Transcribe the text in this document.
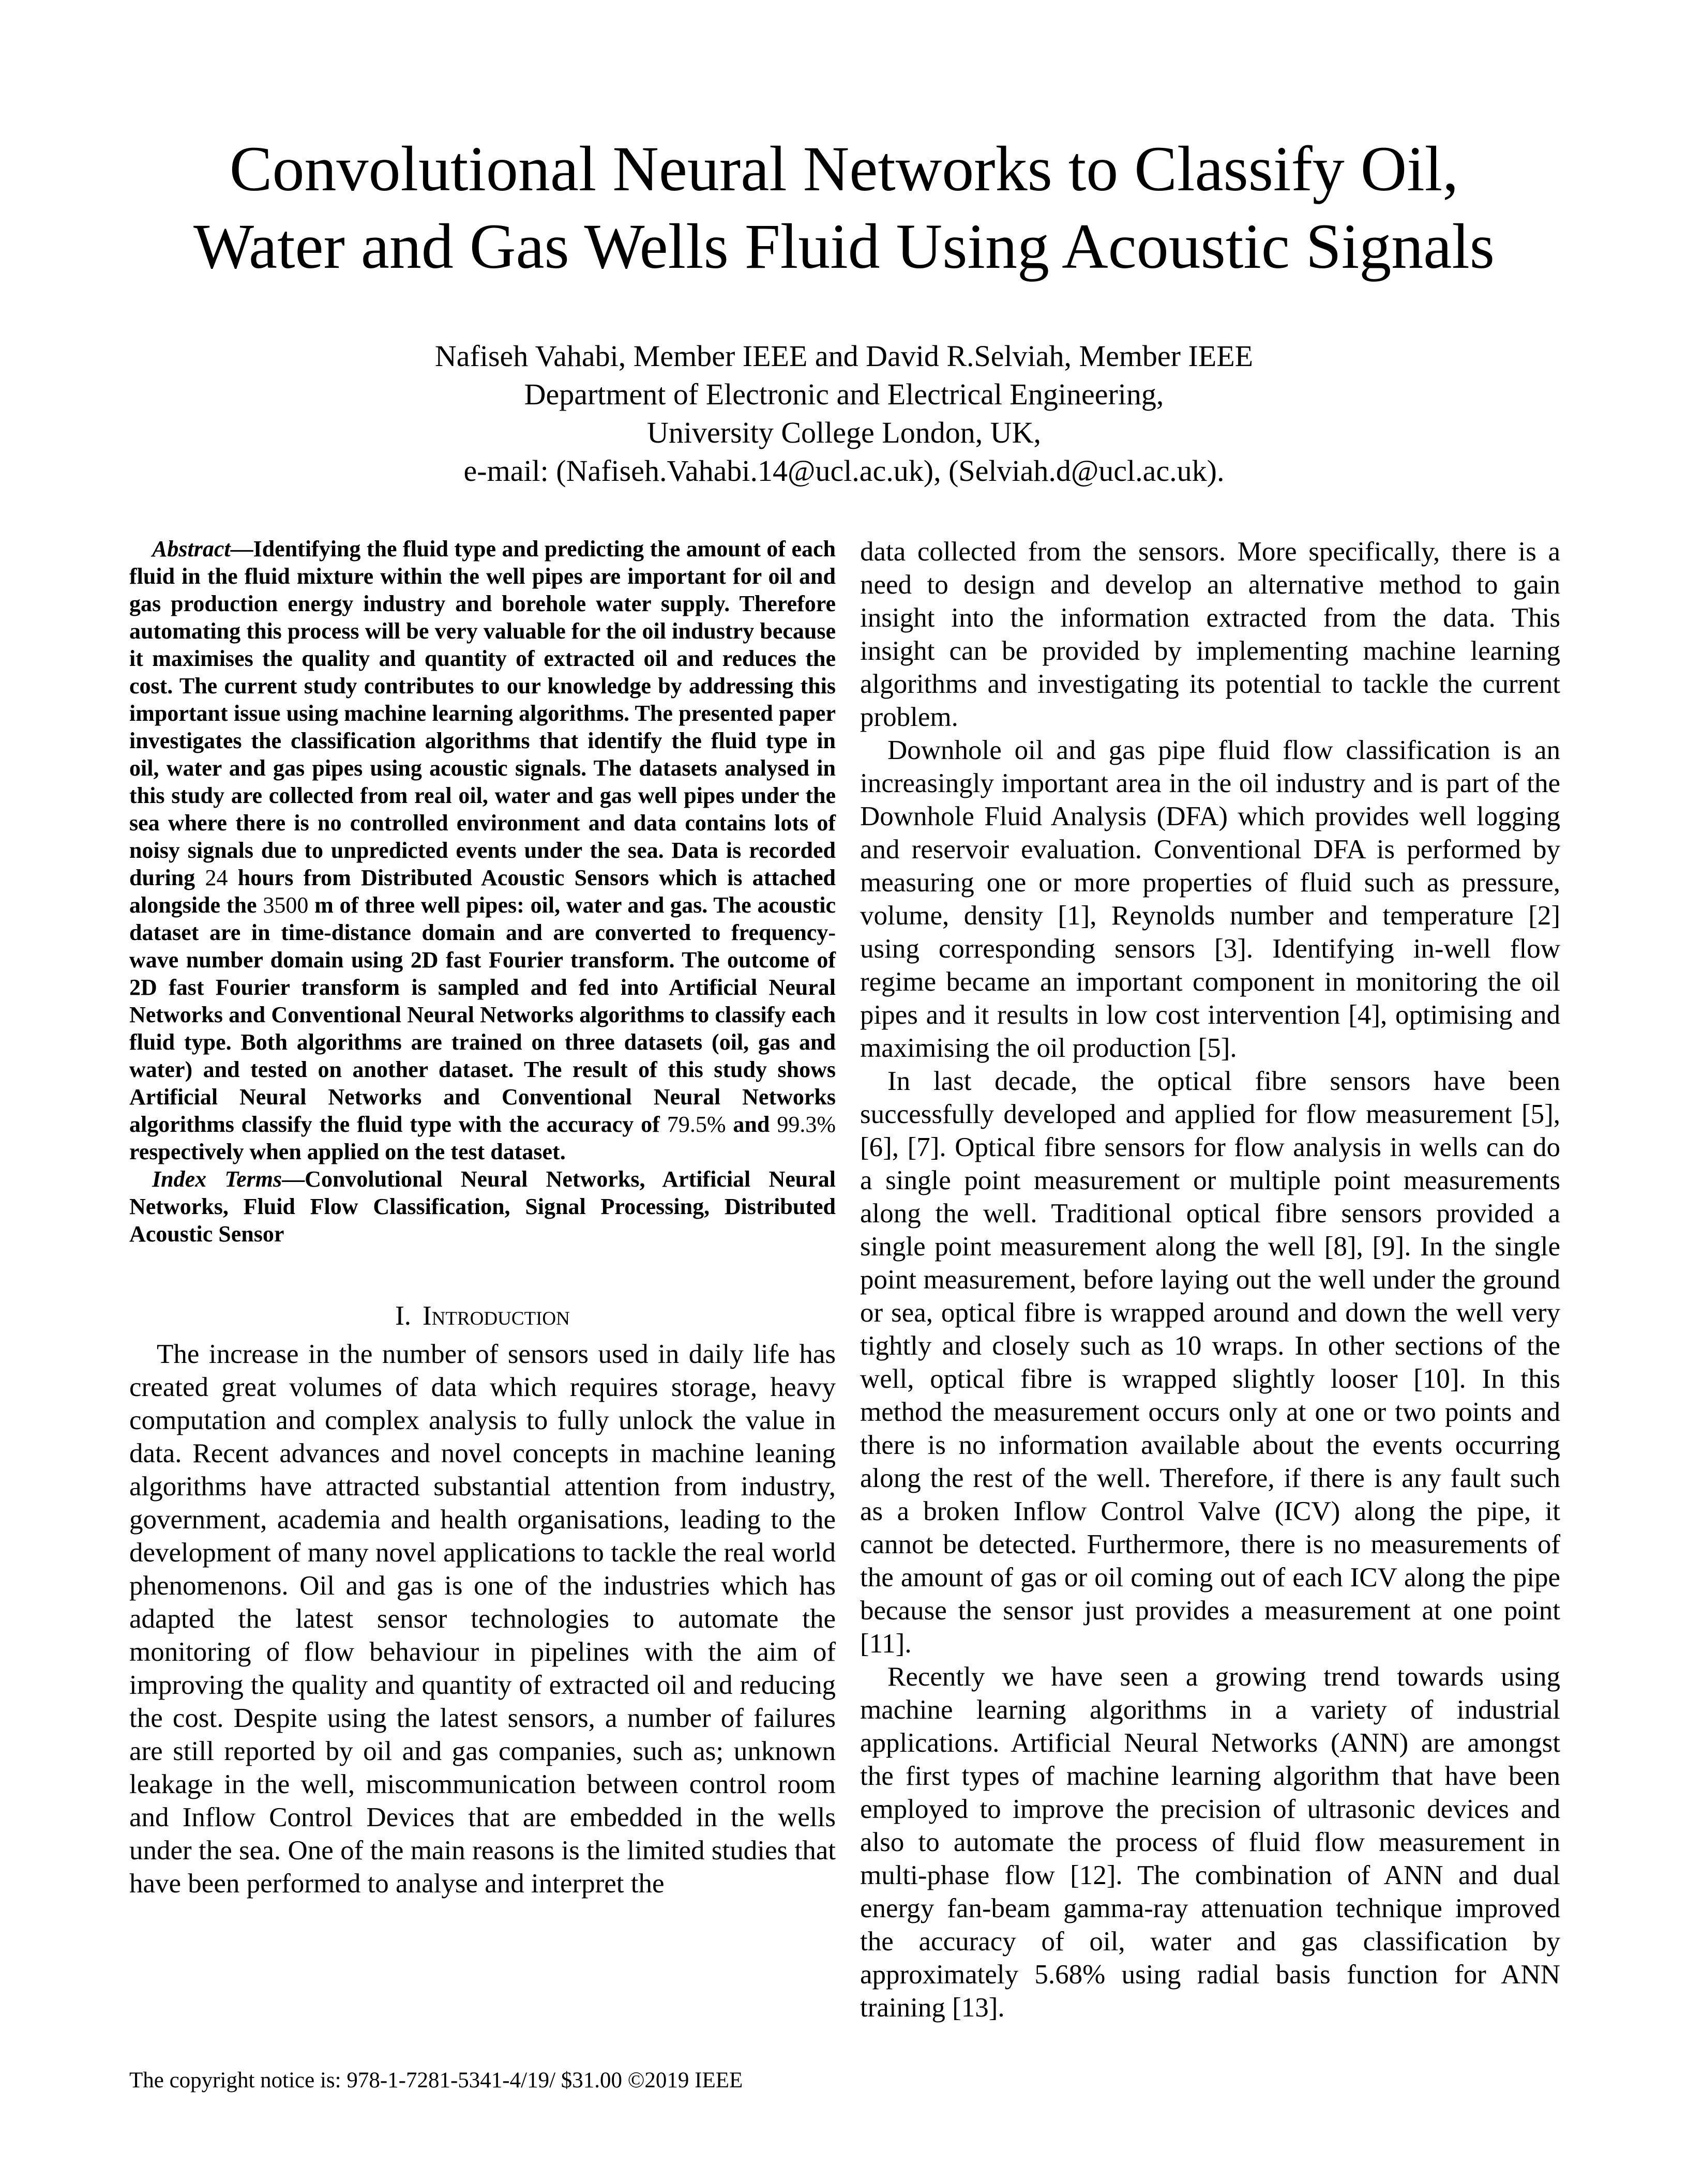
Convolutional Neural Networks to Classify Oil,
Water and Gas Wells Fluid Using Acoustic Signals
Nafiseh Vahabi, Member IEEE and David R.Selviah, Member IEEE
Department of Electronic and Electrical Engineering,
University College London, UK,
e-mail: (Nafiseh.Vahabi.14@ucl.ac.uk), (Selviah.d@ucl.ac.uk).

Abstract—Identifying the fluid type and predicting the amount of each fluid in the fluid mixture within the well pipes are important for oil and gas production energy industry and borehole water supply. Therefore automating this process will be very valuable for the oil industry because it maximises the quality and quantity of extracted oil and reduces the cost. The current study contributes to our knowledge by addressing this important issue using machine learning algorithms. The presented paper investigates the classification algorithms that identify the fluid type in oil, water and gas pipes using acoustic signals. The datasets analysed in this study are collected from real oil, water and gas well pipes under the sea where there is no controlled environment and data contains lots of noisy signals due to unpredicted events under the sea. Data is recorded during 24 hours from Distributed Acoustic Sensors which is attached alongside the 3500 m of three well pipes: oil, water and gas. The acoustic dataset are in time-distance domain and are converted to frequency-wave number domain using 2D fast Fourier transform. The outcome of 2D fast Fourier transform is sampled and fed into Artificial Neural Networks and Conventional Neural Networks algorithms to classify each fluid type. Both algorithms are trained on three datasets (oil, gas and water) and tested on another dataset. The result of this study shows Artificial Neural Networks and Conventional Neural Networks algorithms classify the fluid type with the accuracy of 79.5% and 99.3% respectively when applied on the test dataset.

Index Terms—Convolutional Neural Networks, Artificial Neural Networks, Fluid Flow Classification, Signal Processing, Distributed Acoustic Sensor

I. Introduction

The increase in the number of sensors used in daily life has created great volumes of data which requires storage, heavy computation and complex analysis to fully unlock the value in data. Recent advances and novel concepts in machine leaning algorithms have attracted substantial attention from industry, government, academia and health organisations, leading to the development of many novel applications to tackle the real world phenomenons. Oil and gas is one of the industries which has adapted the latest sensor technologies to automate the monitoring of flow behaviour in pipelines with the aim of improving the quality and quantity of extracted oil and reducing the cost. Despite using the latest sensors, a number of failures are still reported by oil and gas companies, such as; unknown leakage in the well, miscommunication between control room and Inflow Control Devices that are embedded in the wells under the sea. One of the main reasons is the limited studies that have been performed to analyse and interpret the

data collected from the sensors. More specifically, there is a need to design and develop an alternative method to gain insight into the information extracted from the data. This insight can be provided by implementing machine learning algorithms and investigating its potential to tackle the current problem.

Downhole oil and gas pipe fluid flow classification is an increasingly important area in the oil industry and is part of the Downhole Fluid Analysis (DFA) which provides well logging and reservoir evaluation. Conventional DFA is performed by measuring one or more properties of fluid such as pressure, volume, density [1], Reynolds number and temperature [2] using corresponding sensors [3]. Identifying in-well flow regime became an important component in monitoring the oil pipes and it results in low cost intervention [4], optimising and maximising the oil production [5].

In last decade, the optical fibre sensors have been successfully developed and applied for flow measurement [5], [6], [7]. Optical fibre sensors for flow analysis in wells can do a single point measurement or multiple point measurements along the well. Traditional optical fibre sensors provided a single point measurement along the well [8], [9]. In the single point measurement, before laying out the well under the ground or sea, optical fibre is wrapped around and down the well very tightly and closely such as 10 wraps. In other sections of the well, optical fibre is wrapped slightly looser [10]. In this method the measurement occurs only at one or two points and there is no information available about the events occurring along the rest of the well. Therefore, if there is any fault such as a broken Inflow Control Valve (ICV) along the pipe, it cannot be detected. Furthermore, there is no measurements of the amount of gas or oil coming out of each ICV along the pipe because the sensor just provides a measurement at one point [11].

Recently we have seen a growing trend towards using machine learning algorithms in a variety of industrial applications. Artificial Neural Networks (ANN) are amongst the first types of machine learning algorithm that have been employed to improve the precision of ultrasonic devices and also to automate the process of fluid flow measurement in multi-phase flow [12]. The combination of ANN and dual energy fan-beam gamma-ray attenuation technique improved the accuracy of oil, water and gas classification by approximately 5.68% using radial basis function for ANN training [13].

The copyright notice is: 978-1-7281-5341-4/19/ $31.00 ©2019 IEEE
